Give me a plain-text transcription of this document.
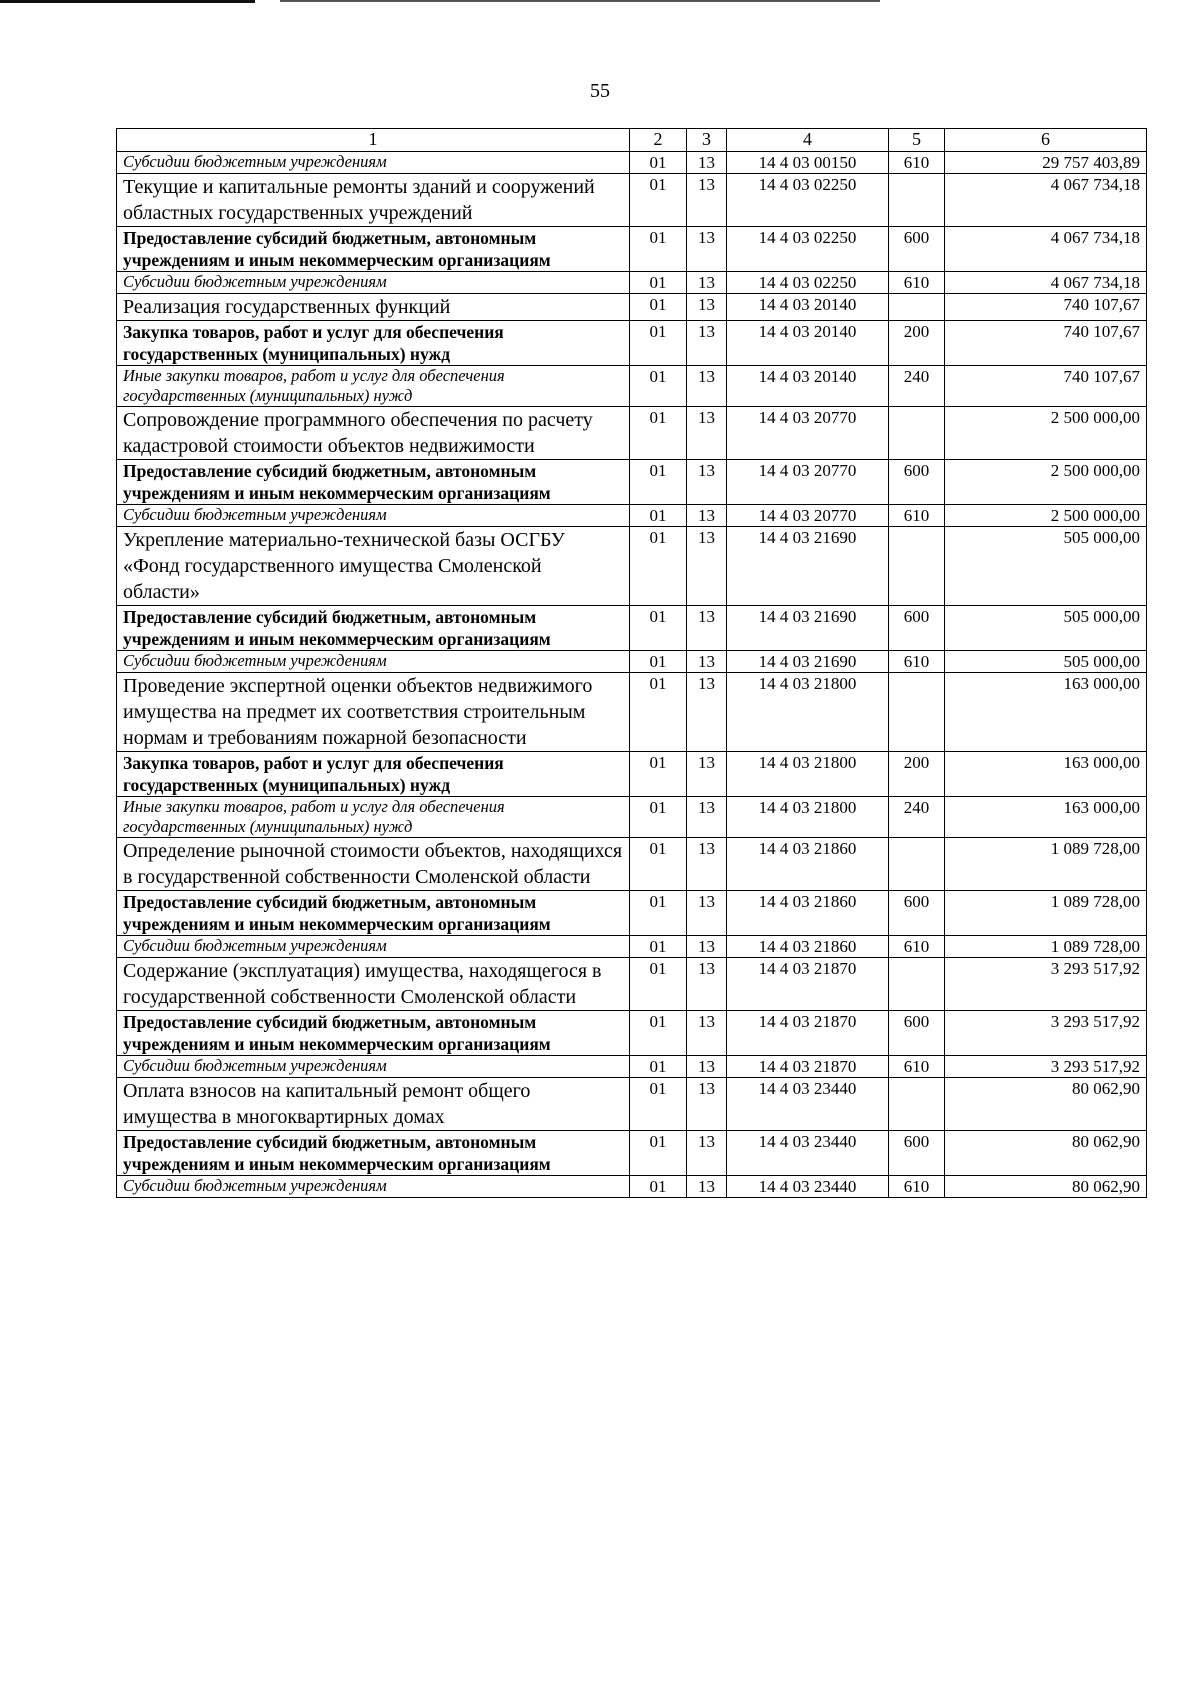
55
1	2	3	4	5	6
Субсидии бюджетным учреждениям	01	13	14 4 03 00150	610	29 757 403,89
Текущие и капитальные ремонты зданий и сооружений областных государственных учреждений	01	13	14 4 03 02250		4 067 734,18
Предоставление субсидий бюджетным, автономным учреждениям и иным некоммерческим организациям	01	13	14 4 03 02250	600	4 067 734,18
Субсидии бюджетным учреждениям	01	13	14 4 03 02250	610	4 067 734,18
Реализация государственных функций	01	13	14 4 03 20140		740 107,67
Закупка товаров, работ и услуг для обеспечения государственных (муниципальных) нужд	01	13	14 4 03 20140	200	740 107,67
Иные закупки товаров, работ и услуг для обеспечения государственных (муниципальных) нужд	01	13	14 4 03 20140	240	740 107,67
Сопровождение программного обеспечения по расчету кадастровой стоимости объектов недвижимости	01	13	14 4 03 20770		2 500 000,00
Предоставление субсидий бюджетным, автономным учреждениям и иным некоммерческим организациям	01	13	14 4 03 20770	600	2 500 000,00
Субсидии бюджетным учреждениям	01	13	14 4 03 20770	610	2 500 000,00
Укрепление материально-технической базы ОСГБУ «Фонд государственного имущества Смоленской области»	01	13	14 4 03 21690		505 000,00
Предоставление субсидий бюджетным, автономным учреждениям и иным некоммерческим организациям	01	13	14 4 03 21690	600	505 000,00
Субсидии бюджетным учреждениям	01	13	14 4 03 21690	610	505 000,00
Проведение экспертной оценки объектов недвижимого имущества на предмет их соответствия строительным нормам и требованиям пожарной безопасности	01	13	14 4 03 21800		163 000,00
Закупка товаров, работ и услуг для обеспечения государственных (муниципальных) нужд	01	13	14 4 03 21800	200	163 000,00
Иные закупки товаров, работ и услуг для обеспечения государственных (муниципальных) нужд	01	13	14 4 03 21800	240	163 000,00
Определение рыночной стоимости объектов, находящихся в государственной собственности Смоленской области	01	13	14 4 03 21860		1 089 728,00
Предоставление субсидий бюджетным, автономным учреждениям и иным некоммерческим организациям	01	13	14 4 03 21860	600	1 089 728,00
Субсидии бюджетным учреждениям	01	13	14 4 03 21860	610	1 089 728,00
Содержание (эксплуатация) имущества, находящегося в государственной собственности Смоленской области	01	13	14 4 03 21870		3 293 517,92
Предоставление субсидий бюджетным, автономным учреждениям и иным некоммерческим организациям	01	13	14 4 03 21870	600	3 293 517,92
Субсидии бюджетным учреждениям	01	13	14 4 03 21870	610	3 293 517,92
Оплата взносов на капитальный ремонт общего имущества в многоквартирных домах	01	13	14 4 03 23440		80 062,90
Предоставление субсидий бюджетным, автономным учреждениям и иным некоммерческим организациям	01	13	14 4 03 23440	600	80 062,90
Субсидии бюджетным учреждениям	01	13	14 4 03 23440	610	80 062,90
